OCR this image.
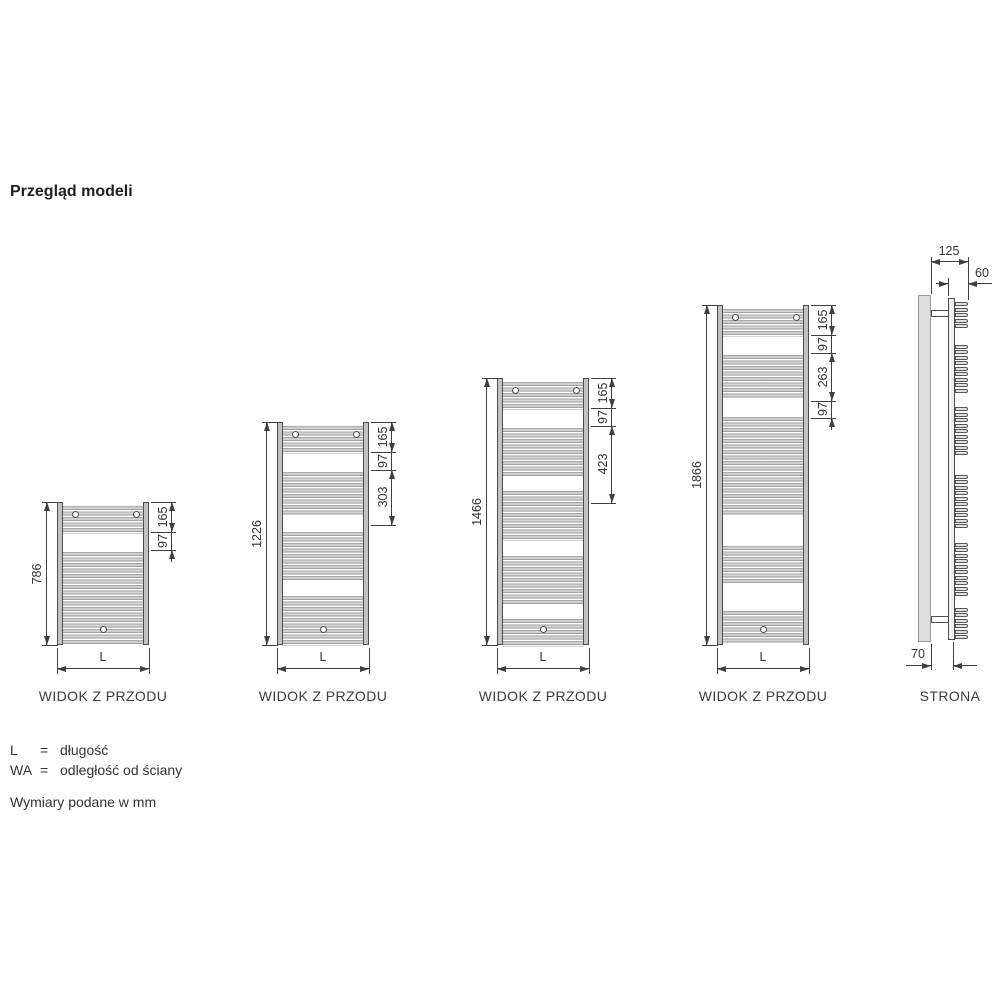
Przegląd modeli
786
165
97
L
1226
165
97
303
L
1466
165
97
423
L
1866
165
97
263
97
L
125
60
70
WIDOK Z PRZODU	WIDOK Z PRZODU	WIDOK Z PRZODU	WIDOK Z PRZODU	STRONA
L = długość
WA = odległość od ściany
Wymiary podane w mm
